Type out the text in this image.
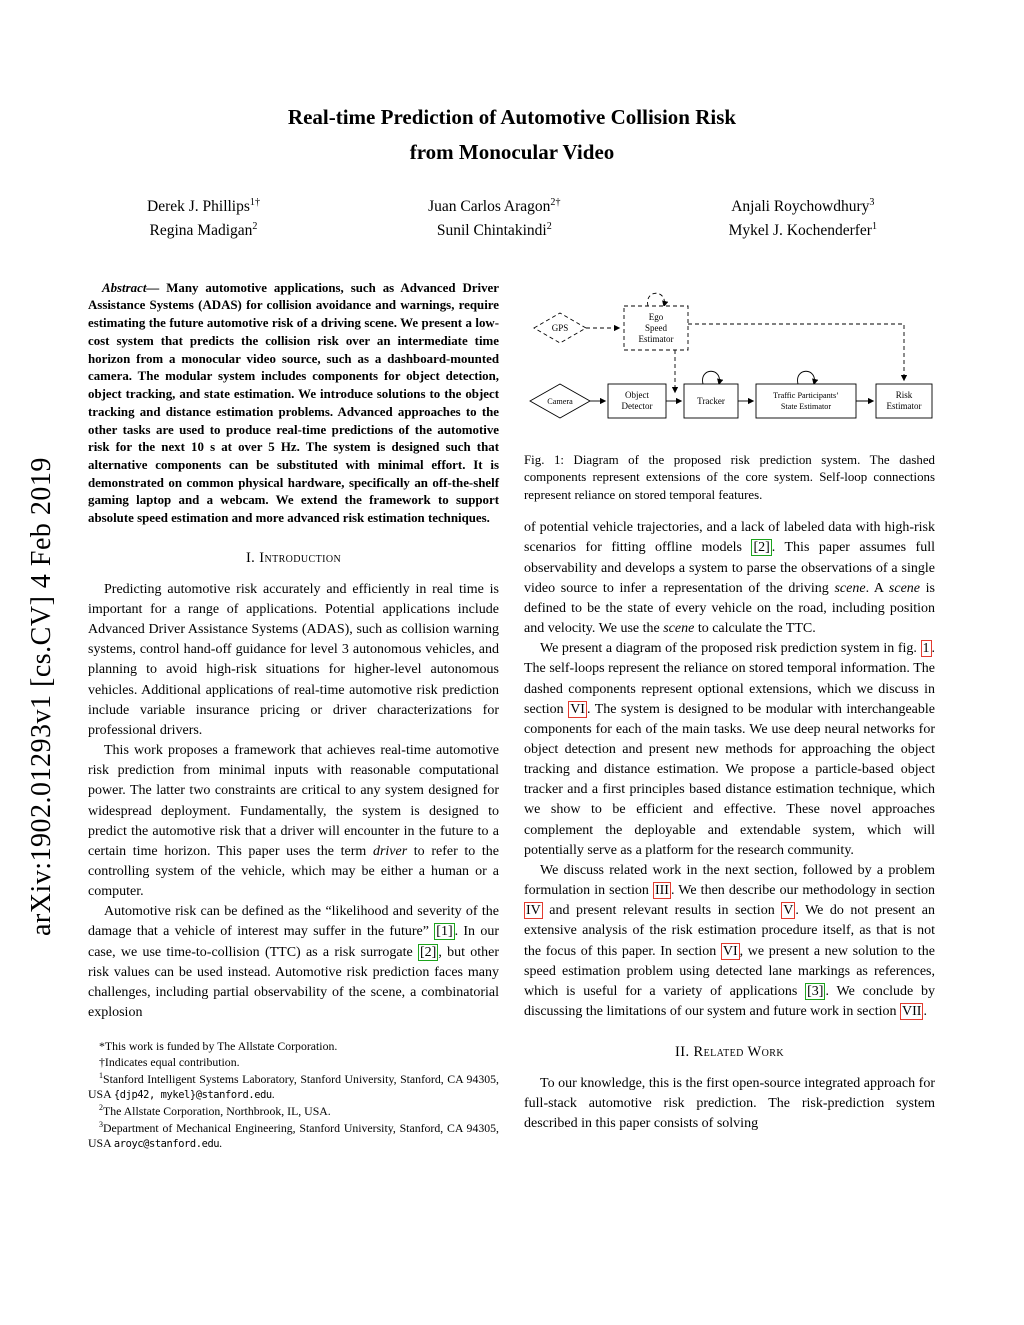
arXiv:1902.01293v1 [cs.CV] 4 Feb 2019
Real-time Prediction of Automotive Collision Risk
from Monocular Video
Derek J. Phillips$^{1\dagger}$
Regina Madigan$^2$
Juan Carlos Aragon$^{2\dagger}$
Sunil Chintakindi$^2$
Anjali Roychowdhury$^3$
Mykel J. Kochenderfer$^1$

Abstract— Many automotive applications, such as Advanced Driver Assistance Systems (ADAS) for collision avoidance and warnings, require estimating the future automotive risk of a driving scene. We present a low-cost system that predicts the collision risk over an intermediate time horizon from a monocular video source, such as a dashboard-mounted camera. The modular system includes components for object detection, object tracking, and state estimation. We introduce solutions to the object tracking and distance estimation problems. Advanced approaches to the other tasks are used to produce real-time predictions of the automotive risk for the next 10 s at over 5 Hz. The system is designed such that alternative components can be substituted with minimal effort. It is demonstrated on common physical hardware, specifically an off-the-shelf gaming laptop and a webcam. We extend the framework to support absolute speed estimation and more advanced risk estimation techniques.

I. Introduction

Predicting automotive risk accurately and efficiently in real time is important for a range of applications. Potential applications include Advanced Driver Assistance Systems (ADAS), such as collision warning systems, control hand-off guidance for level 3 autonomous vehicles, and planning to avoid high-risk situations for higher-level autonomous vehicles. Additional applications of real-time automotive risk prediction include variable insurance pricing or driver characterizations for professional drivers.

This work proposes a framework that achieves real-time automotive risk prediction from minimal inputs with reasonable computational power. The latter two constraints are critical to any system designed for widespread deployment. Fundamentally, the system is designed to predict the automotive risk that a driver will encounter in the future to a certain time horizon. This paper uses the term driver to refer to the controlling system of the vehicle, which may be either a human or a computer.

Automotive risk can be defined as the “likelihood and severity of the damage that a vehicle of interest may suffer in the future” [1] . In our case, we use time-to-collision (TTC) as a risk surrogate [2] , but other risk values can be used instead. Automotive risk prediction faces many challenges, including partial observability of the scene, a combinatorial explosion

*This work is funded by The Allstate Corporation.

†Indicates equal contribution.

$^1$Stanford Intelligent Systems Laboratory, Stanford University, Stanford, CA 94305, USA {djp42, mykel}@stanford.edu.

$^2$The Allstate Corporation, Northbrook, IL, USA.

$^3$Department of Mechanical Engineering, Stanford University, Stanford, CA 94305, USA aroyc@stanford.edu.

GPS
Ego
Speed
Estimator
Camera
Object
Detector	Tracker
Traffic Participants’
State Estimator
Risk
Estimator

Fig. 1: Diagram of the proposed risk prediction system. The dashed components represent extensions of the core system. Self-loop connections represent reliance on stored temporal features.

of potential vehicle trajectories, and a lack of labeled data with high-risk scenarios for fitting offline models [2] . This paper assumes full observability and develops a system to parse the observations of a single video source to infer a representation of the driving scene. A scene is defined to be the state of every vehicle on the road, including position and velocity. We use the scene to calculate the TTC.

We present a diagram of the proposed risk prediction system in fig. 1 . The self-loops represent the reliance on stored temporal information. The dashed components represent optional extensions, which we discuss in section VI . The system is designed to be modular with interchangeable components for each of the main tasks. We use deep neural networks for object detection and present new methods for approaching the object tracking and distance estimation. We propose a particle-based object tracker and a first principles based distance estimation technique, which we show to be efficient and effective. These novel approaches complement the deployable and extendable system, which will potentially serve as a platform for the research community.

We discuss related work in the next section, followed by a problem formulation in section III . We then describe our methodology in section IV and present relevant results in section V . We do not present an extensive analysis of the risk estimation procedure itself, as that is not the focus of this paper. In section VI , we present a new solution to the speed estimation problem using detected lane markings as references, which is useful for a variety of applications [3] . We conclude by discussing the limitations of our system and future work in section VII .

II. Related Work

To our knowledge, this is the first open-source integrated approach for full-stack automotive risk prediction. The risk-prediction system described in this paper consists of solving
